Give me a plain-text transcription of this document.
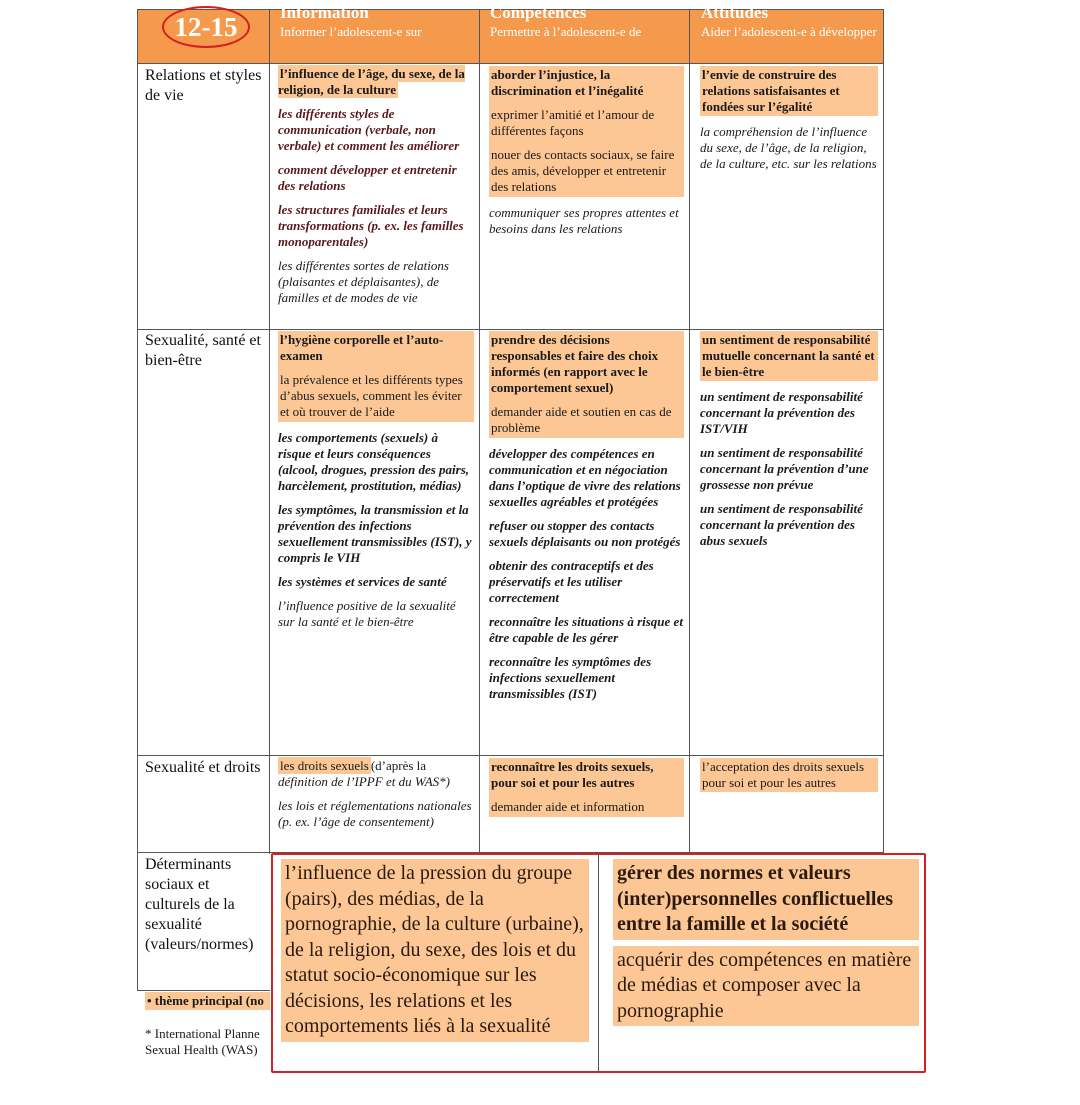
12-15	Information
Informer l’adolescent-e sur
Compétences
Permettre à l’adolescent-e de
Attitudes
Aider l’adolescent-e à développer
Relations et styles de vie
Sexualité, santé et bien-être
Sexualité et droits
Déterminants sociaux et culturels de la sexualité (valeurs/normes)

l’influence de l’âge, du sexe, de la religion, de la culture

les différents styles de communication (verbale, non verbale) et comment les améliorer

comment développer et entretenir des relations

les structures familiales et leurs transformations (p. ex. les familles monoparentales)

les différentes sortes de relations (plaisantes et déplaisantes), de familles et de modes de vie

aborder l’injustice, la discrimination et l’inégalité

exprimer l’amitié et l’amour de différentes façons

nouer des contacts sociaux, se faire des amis, développer et entretenir des relations

communiquer ses propres attentes et besoins dans les relations

l’envie de construire des relations satisfaisantes et fondées sur l’égalité

la compréhension de l’influence du sexe, de l’âge, de la religion, de la culture, etc. sur les relations

l’hygiène corporelle et l’auto-examen

la prévalence et les différents types d’abus sexuels, comment les éviter et où trouver de l’aide

les comportements (sexuels) à risque et leurs conséquences (alcool, drogues, pression des pairs, harcèlement, prostitution, médias)

les symptômes, la transmission et la prévention des infections sexuellement transmissibles (IST), y compris le VIH

les systèmes et services de santé

l’influence positive de la sexualité sur la santé et le bien-être

prendre des décisions responsables et faire des choix informés (en rapport avec le comportement sexuel)

demander aide et soutien en cas de problème

développer des compétences en communication et en négociation dans l’optique de vivre des relations sexuelles agréables et protégées

refuser ou stopper des contacts sexuels déplaisants ou non protégés

obtenir des contraceptifs et des préservatifs et les utiliser correctement

reconnaître les situations à risque et être capable de les gérer

reconnaître les symptômes des infections sexuellement transmissibles (IST)

un sentiment de responsabilité mutuelle concernant la santé et le bien-être

un sentiment de responsabilité concernant la prévention des IST/VIH

un sentiment de responsabilité concernant la prévention d’une grossesse non prévue

un sentiment de responsabilité concernant la prévention des abus sexuels

les droits sexuels (d’après la définition de l’IPPF et du WAS*)

les lois et réglementations nationales (p. ex. l’âge de consentement)

reconnaître les droits sexuels, pour soi et pour les autres

demander aide et information

l’acceptation des droits sexuels pour soi et pour les autres

l’influence de la pression du groupe (pairs), des médias, de la pornographie, de la culture (urbaine), de la religion, du sexe, des lois et du statut socio-économique sur les décisions, les relations et les comportements liés à la sexualité
gérer des normes et valeurs (inter)personnelles conflictuelles entre la famille et la société
acquérir des compétences en matière de médias et composer avec la pornographie
• thème principal (no
* International Planne
Sexual Health (WAS)
